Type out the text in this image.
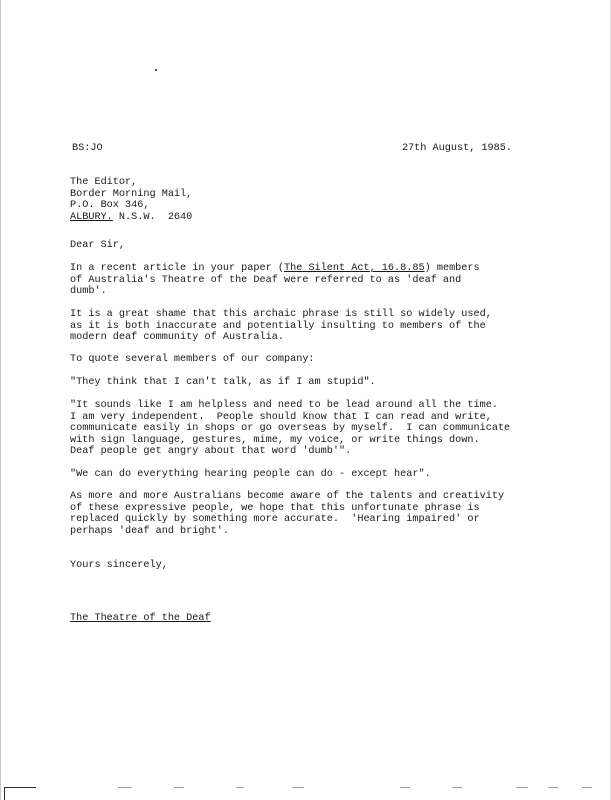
BS:JO	27th August, 1985.
The Editor,
Border Morning Mail,
P.O. Box 346,
ALBURY. N.S.W.  2640
Dear Sir,
In a recent article in your paper (The Silent Act, 16.8.85) members
of Australia's Theatre of the Deaf were referred to as 'deaf and
dumb'.
It is a great shame that this archaic phrase is still so widely used,
as it is both inaccurate and potentially insulting to members of the
modern deaf community of Australia.
To quote several members of our company:
"They think that I can't talk, as if I am stupid".
"It sounds like I am helpless and need to be lead around all the time.
I am very independent.  People should know that I can read and write,
communicate easily in shops or go overseas by myself.  I can communicate
with sign language, gestures, mime, my voice, or write things down.
Deaf people get angry about that word 'dumb'".
"We can do everything hearing people can do - except hear".
As more and more Australians become aware of the talents and creativity
of these expressive people, we hope that this unfortunate phrase is
replaced quickly by something more accurate.  'Hearing impaired' or
perhaps 'deaf and bright'.
Yours sincerely,
The Theatre of the Deaf
